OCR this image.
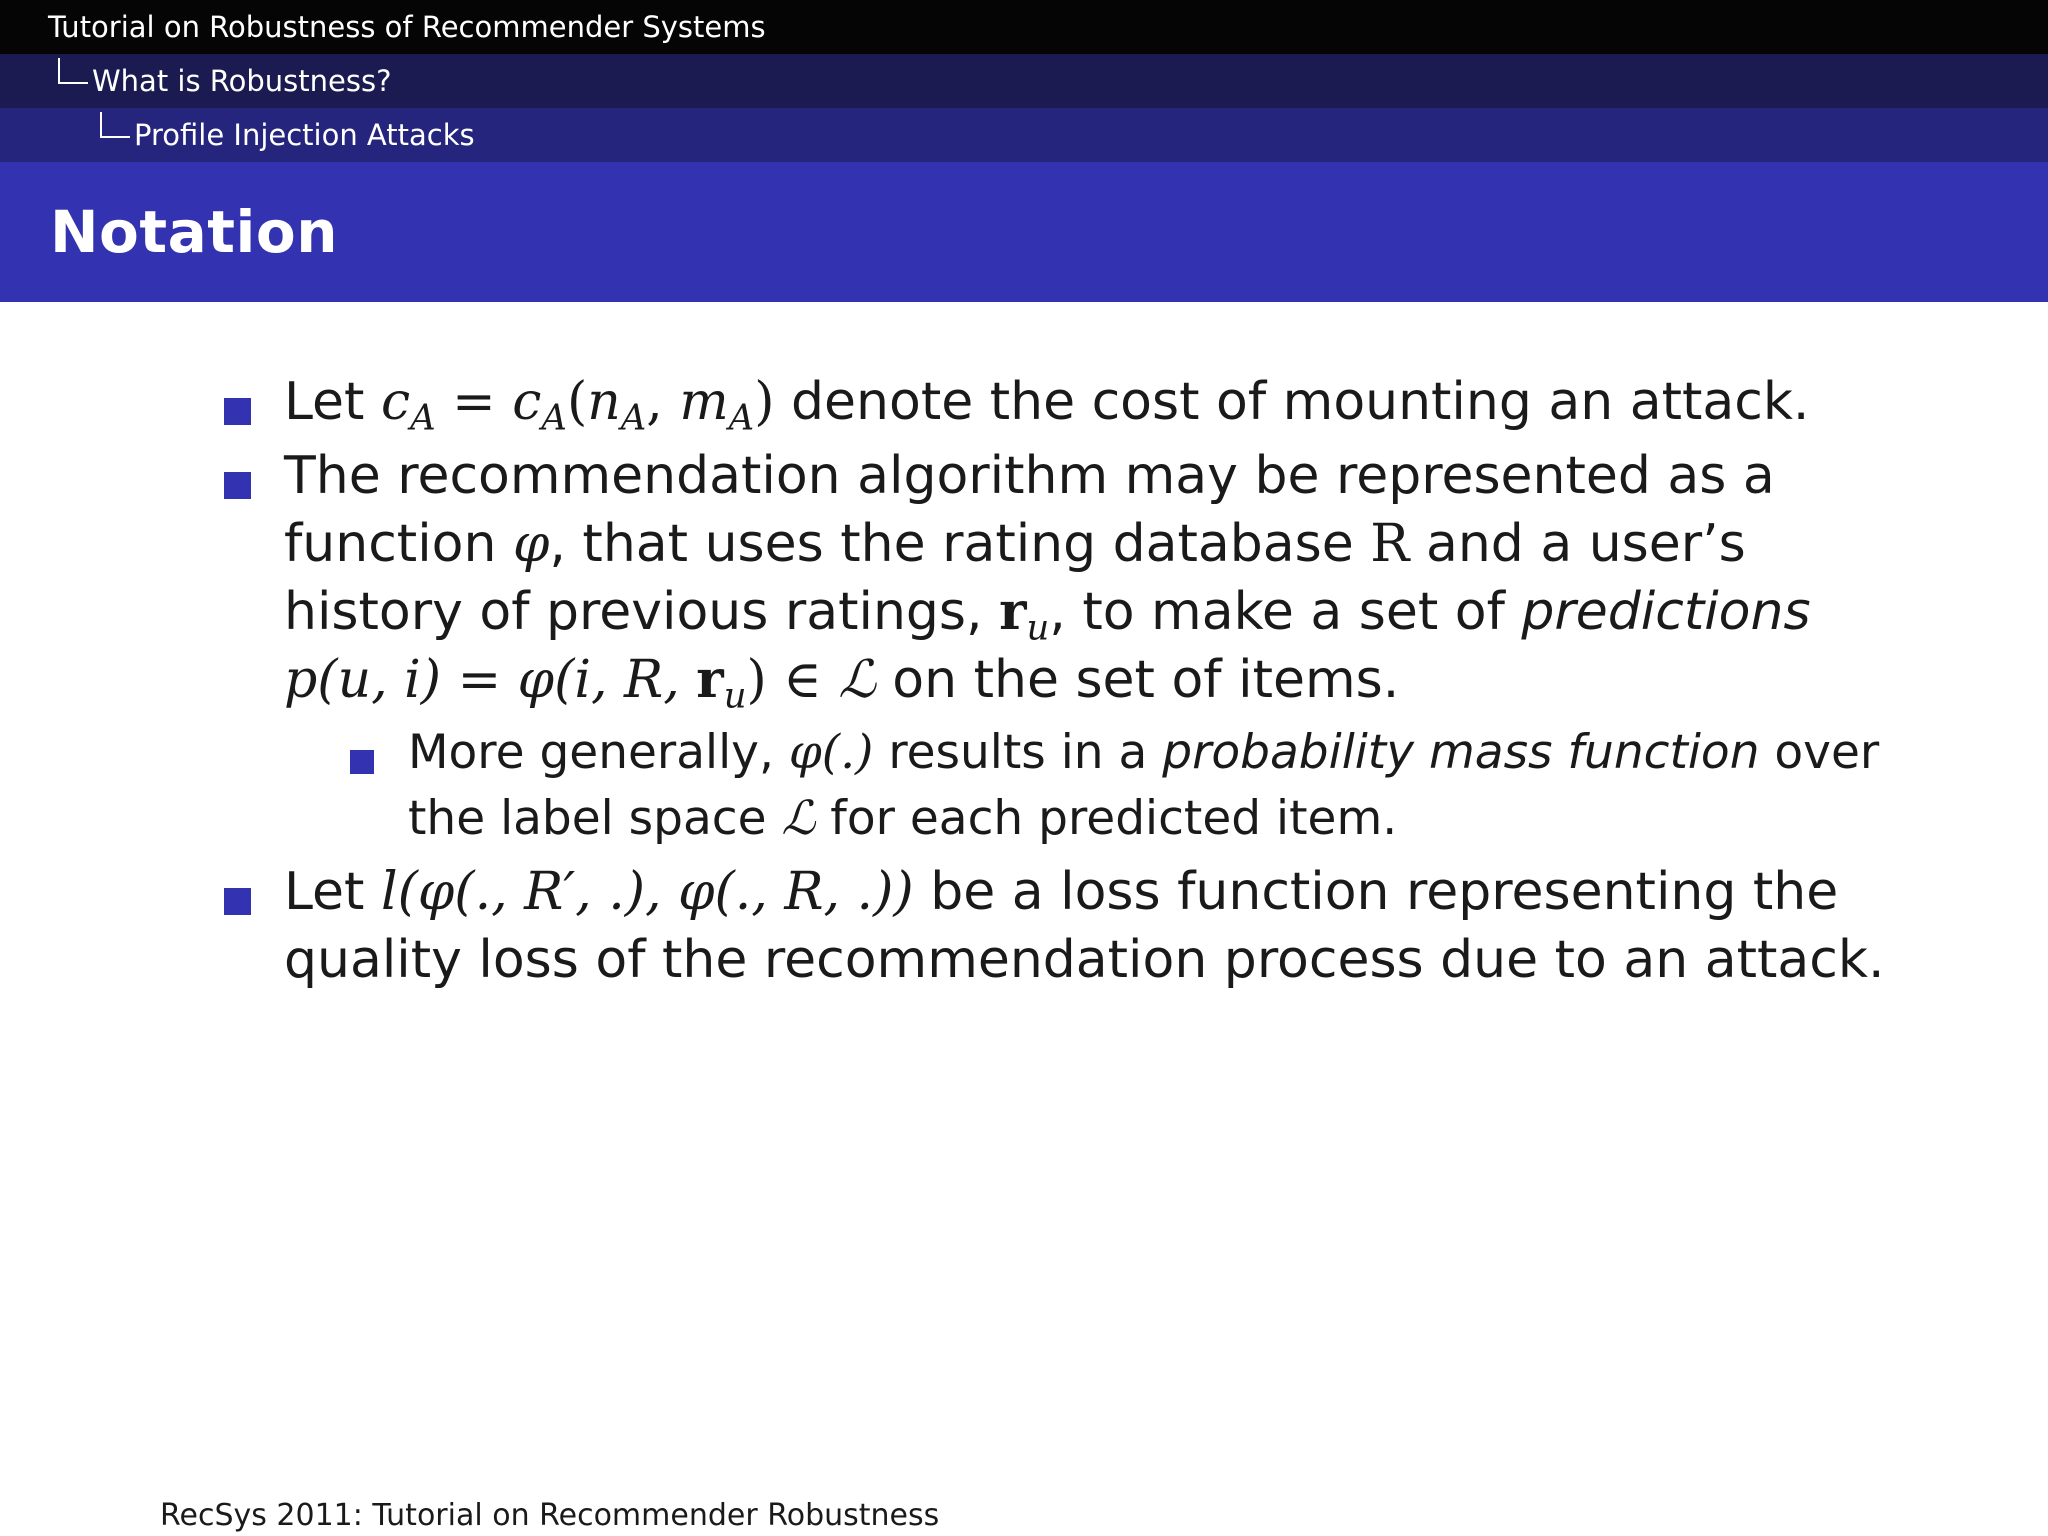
Tutorial on Robustness of Recommender Systems
What is Robustness?
Profile Injection Attacks
Notation
Let $c_A = c_A(n_A$, $m_A$) denote the cost of mounting an attack.
The recommendation algorithm may be represented as a function φ, that uses the rating database R and a user’s history of previous ratings, $r_u$, to make a set of predictions p(u, i) = φ(i, R, $r_u$) ∈ ℒ on the set of items.
More generally, φ(.) results in a probability mass function over the label space ℒ for each predicted item.
Let l(φ(., R′, .), φ(., R, .)) be a loss function representing the quality loss of the recommendation process due to an attack.
RecSys 2011: Tutorial on Recommender Robustness
